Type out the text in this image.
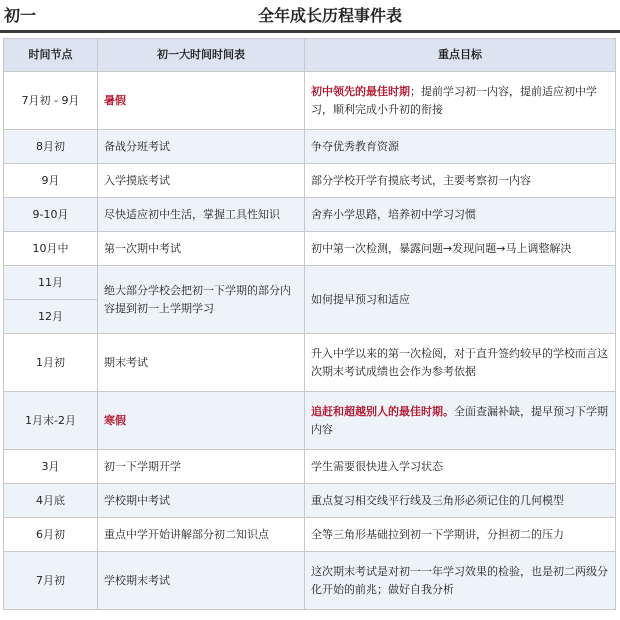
初一	全年成长历程事件表
时间节点	初一大时间时间表	重点目标
7月初 - 9月	暑假	初中领先的最佳时期；提前学习初一内容，提前适应初中学习，顺利完成小升初的衔接
8月初	备战分班考试	争夺优秀教育资源
9月	入学摸底考试	部分学校开学有摸底考试，主要考察初一内容
9-10月	尽快适应初中生活，掌握工具性知识	舍弃小学思路，培养初中学习习惯
10月中	第一次期中考试	初中第一次检测，暴露问题→发现问题→马上调整解决
11月	绝大部分学校会把初一下学期的部分内容提到初一上学期学习	如何提早预习和适应
12月		
1月初	期末考试	升入中学以来的第一次检阅，对于直升签约较早的学校而言这次期末考试成绩也会作为参考依据
1月末-2月	寒假	追赶和超越别人的最佳时期。全面查漏补缺，提早预习下学期内容
3月	初一下学期开学	学生需要很快进入学习状态
4月底	学校期中考试	重点复习相交线平行线及三角形必须记住的几何模型
6月初	重点中学开始讲解部分初二知识点	全等三角形基础拉到初一下学期讲，分担初二的压力
7月初	学校期末考试	这次期末考试是对初一一年学习效果的检验，也是初二两级分化开始的前兆；做好自我分析
